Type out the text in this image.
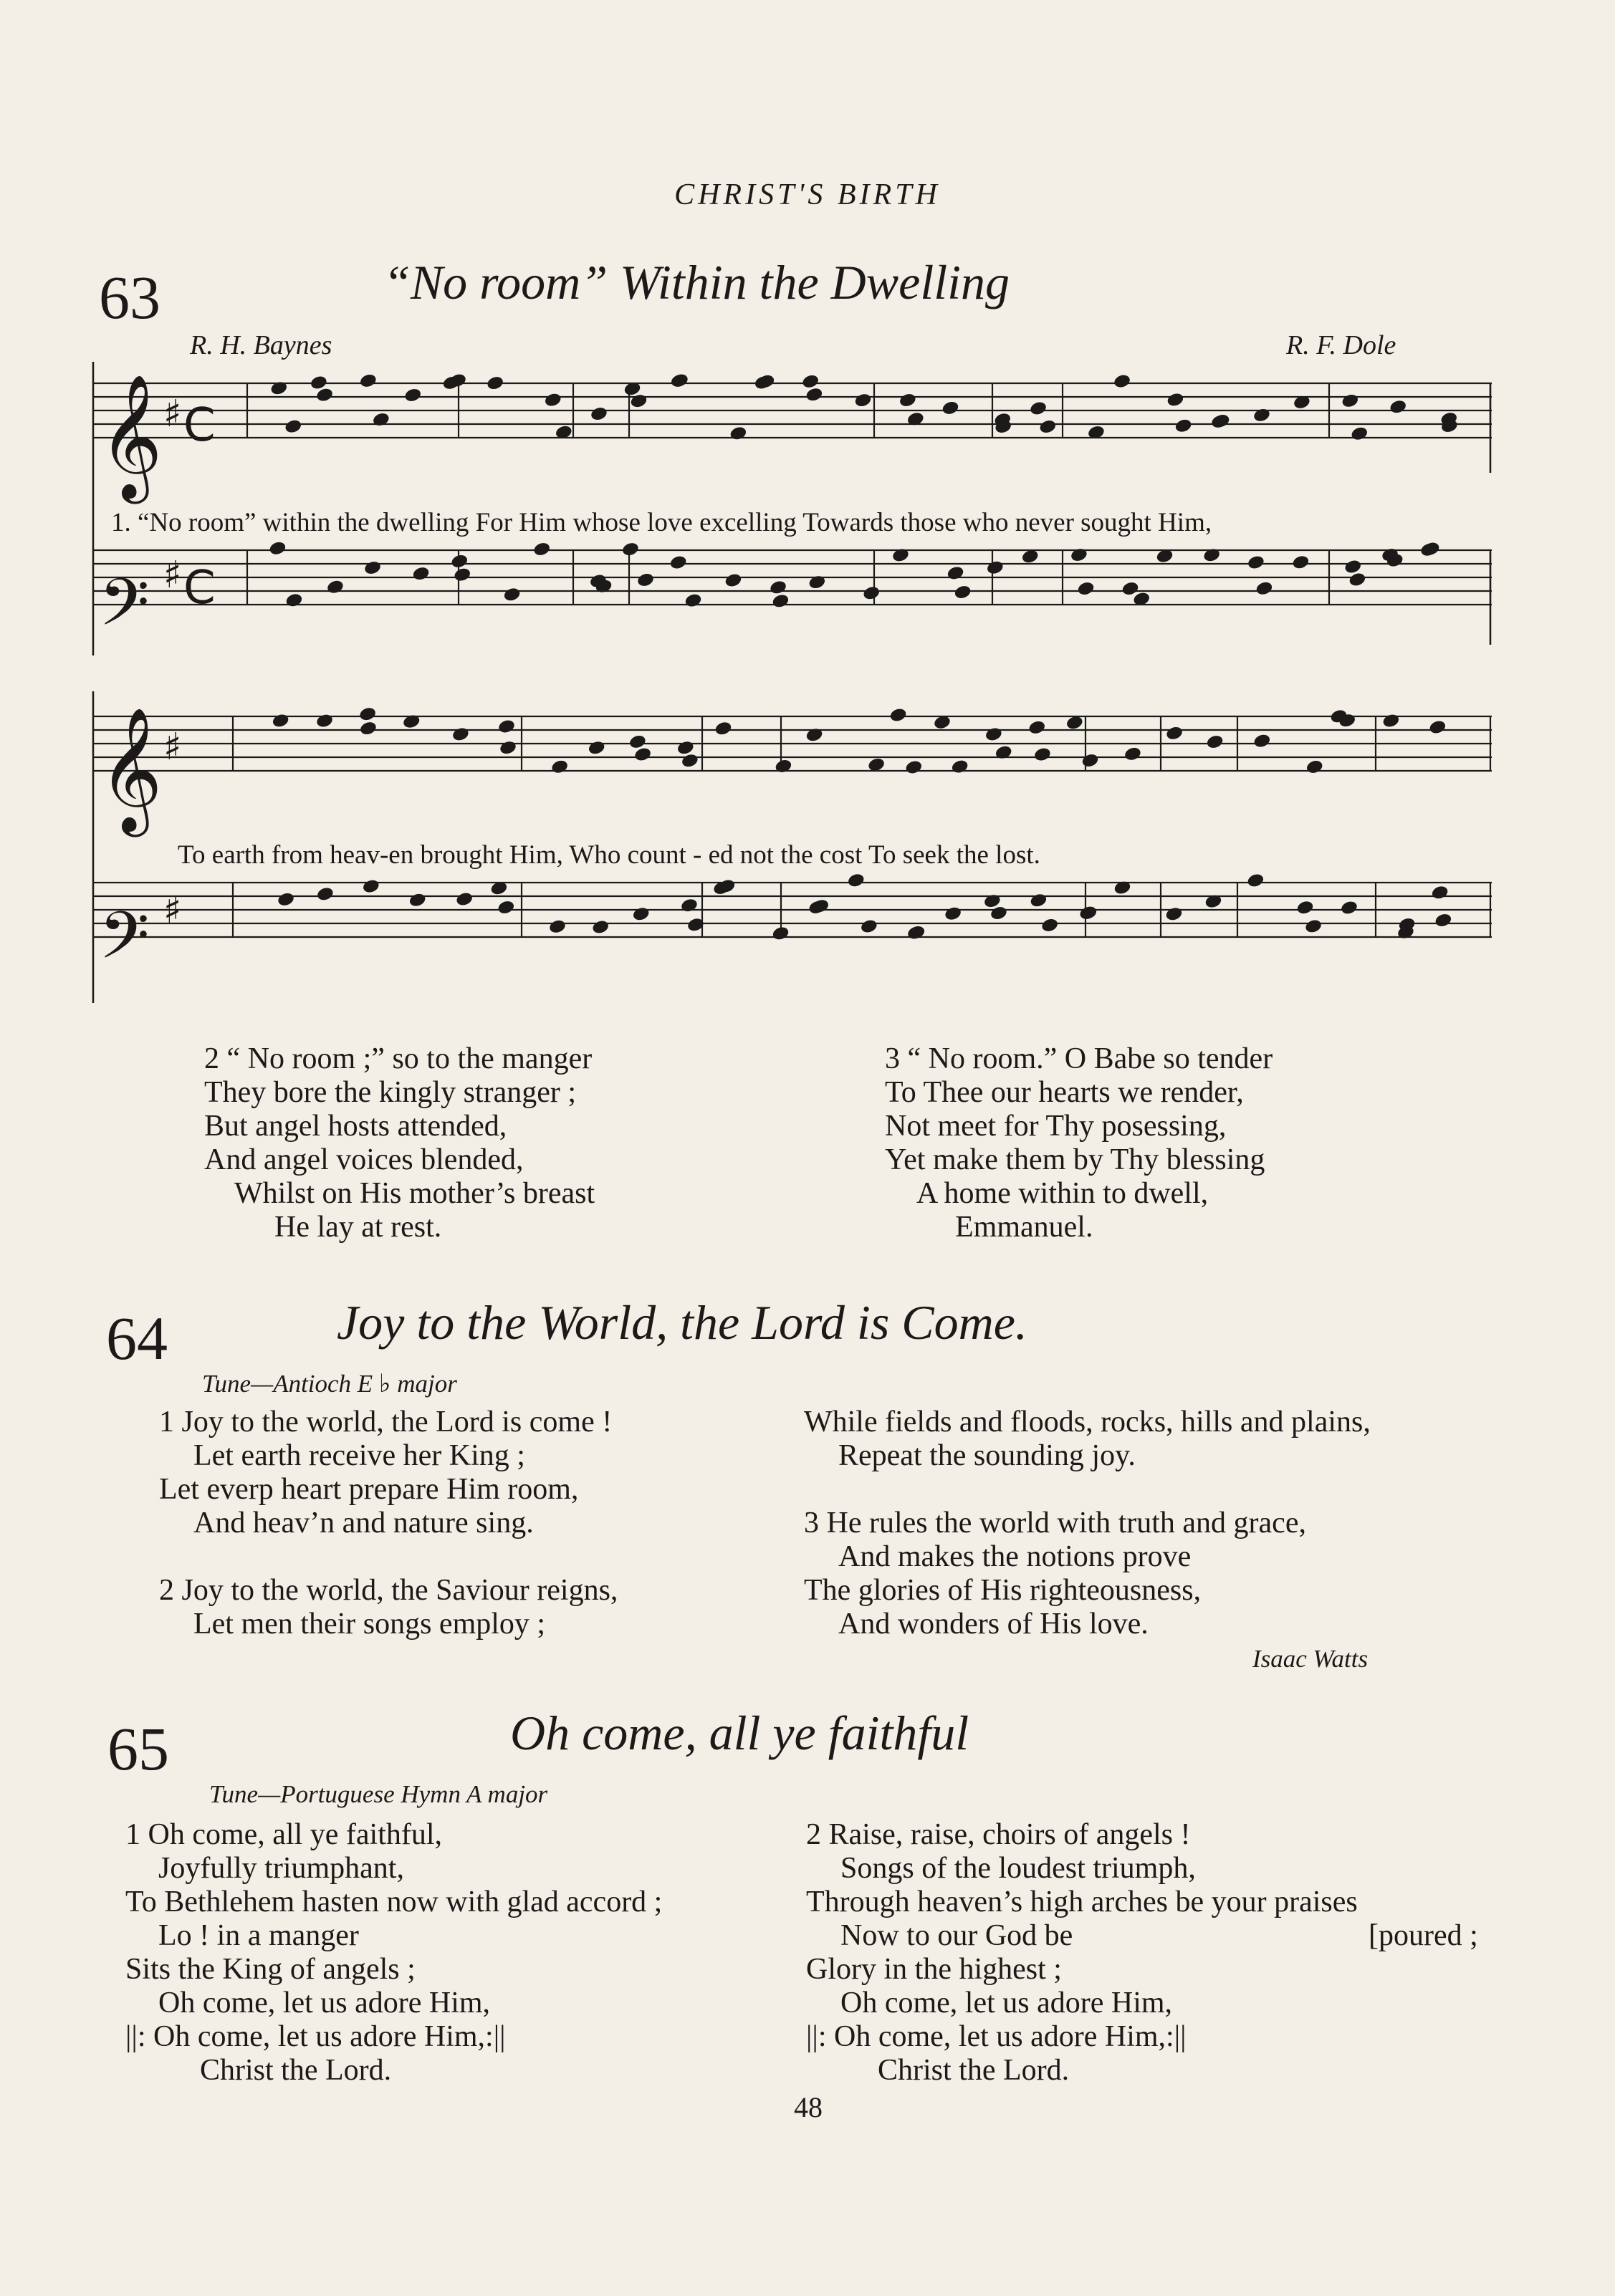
CHRIST'S BIRTH
63	“No room” Within the Dwelling
R. H. Baynes	R. F. Dole
𝄞
𝄢
𝄞
𝄢
♯
♯
♯
♯
C
C
1. “No room” within the dwelling For Him whose love excelling Towards those who never sought Him,
To earth from heav-en brought Him, Who count - ed not the cost To seek the lost.
2 “ No room ;” so to the manger
They bore the kingly stranger ;
But angel hosts attended,
And angel voices blended,
Whilst on His mother’s breast
He lay at rest.
3 “ No room.” O Babe so tender
To Thee our hearts we render,
Not meet for Thy posessing,
Yet make them by Thy blessing
A home within to dwell,
Emmanuel.
64	Joy to the World, the Lord is Come.
Tune—Antioch E ♭ major
1 Joy to the world, the Lord is come !
Let earth receive her King ;
Let everp heart prepare Him room,
And heav’n and nature sing.
2 Joy to the world, the Saviour reigns,
Let men their songs employ ;
While fields and floods, rocks, hills and plains,
Repeat the sounding joy.
3 He rules the world with truth and grace,
And makes the notions prove
The glories of His righteousness,
And wonders of His love.
Isaac Watts
65	Oh come, all ye faithful
Tune—Portuguese Hymn A major
1 Oh come, all ye faithful,
Joyfully triumphant,
To Bethlehem hasten now with glad accord ;
Lo ! in a manger
Sits the King of angels ;
Oh come, let us adore Him,
||: Oh come, let us adore Him,:||
Christ the Lord.
2 Raise, raise, choirs of angels !
Songs of the loudest triumph,
Through heaven’s high arches be your praises
Now to our God be	[poured ;
Glory in the highest ;
Oh come, let us adore Him,
||: Oh come, let us adore Him,:||
Christ the Lord.
48
